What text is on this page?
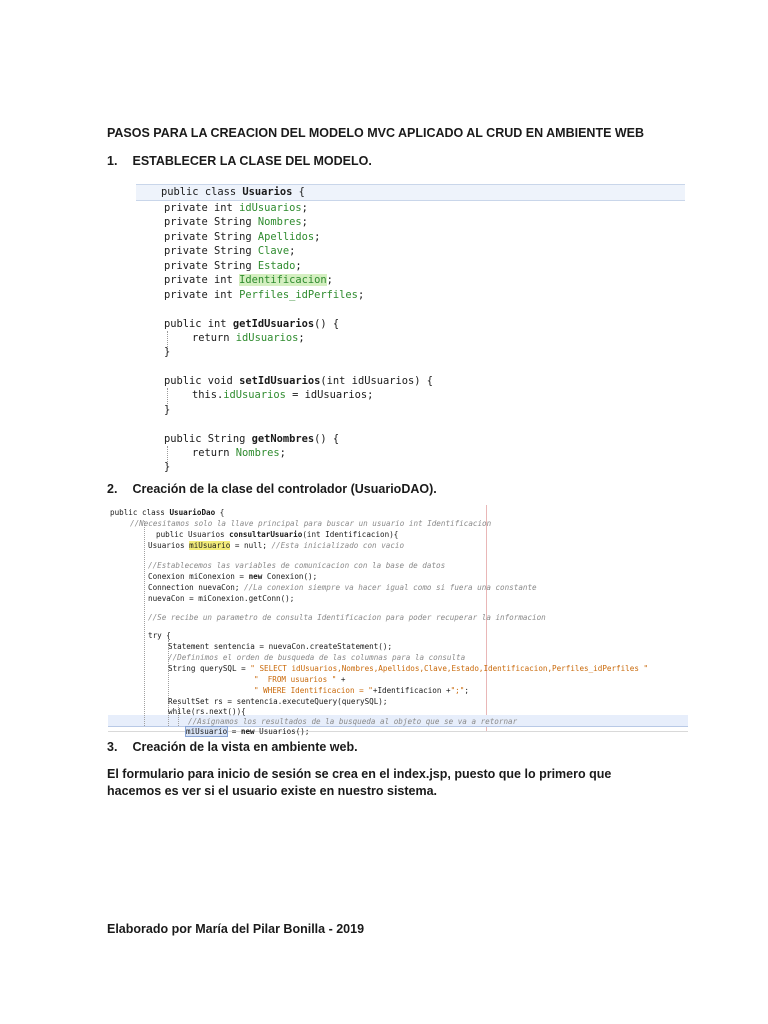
PASOS PARA LA CREACION DEL MODELO MVC APLICADO AL CRUD EN AMBIENTE WEB
1. ESTABLECER LA CLASE DEL MODELO.

public class Usuarios {

private int idUsuarios;
private String Nombres;
private String Apellidos;
private String Clave;
private String Estado;
private int Identificacion;
private int Perfiles_idPerfiles;
public int getIdUsuarios() {
return idUsuarios;
}
public void setIdUsuarios(int idUsuarios) {
this.idUsuarios = idUsuarios;
}
public String getNombres() {
return Nombres;
}
2. Creación de la clase del controlador (UsuarioDAO).
public class UsuarioDao {
//Necesitamos solo la llave principal para buscar un usuario int Identificacion
public Usuarios consultarUsuario(int Identificacion){
Usuarios miUsuario = null; //Esta inicializado con vacio
//Establecemos las variables de comunicacion con la base de datos
Conexion miConexion = new Conexion();
Connection nuevaCon; //La conexion siempre va hacer igual como si fuera una constante
nuevaCon = miConexion.getConn();
//Se recibe un parametro de consulta Identificacion para poder recuperar la informacion
try {
Statement sentencia = nuevaCon.createStatement();
//Definimos el orden de busqueda de las columnas para la consulta
String querySQL = " SELECT idUsuarios,Nombres,Apellidos,Clave,Estado,Identificacion,Perfiles_idPerfiles "
"  FROM usuarios " +
" WHERE Identificacion = "+Identificacion +";";
ResultSet rs = sentencia.executeQuery(querySQL);
while(rs.next()){
//Asignamos los resultados de la busqueda al objeto que se va a retornar
miUsuario = new Usuarios();
3. Creación de la vista en ambiente web.
El formulario para inicio de sesión se crea en el index.jsp, puesto que lo primero que hacemos es ver si el usuario existe en nuestro sistema.
Elaborado por María del Pilar Bonilla - 2019
